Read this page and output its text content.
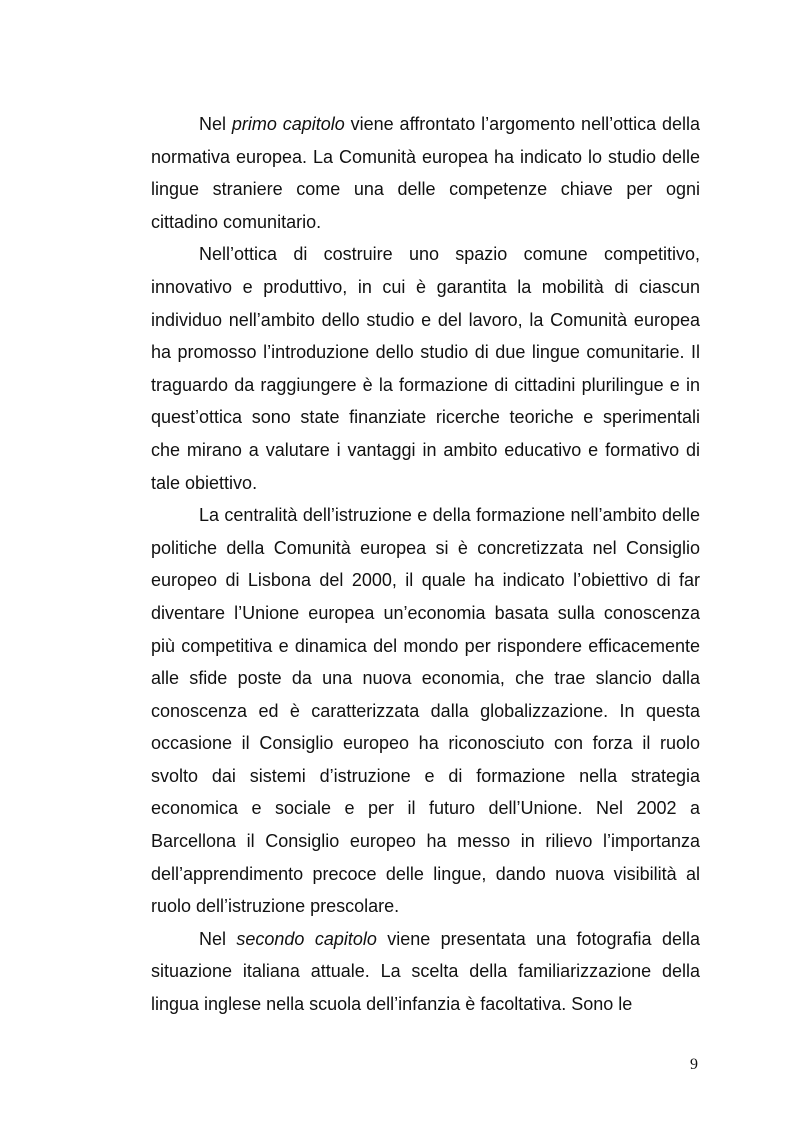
Nel primo capitolo viene affrontato l’argomento nell’ottica della normativa europea. La Comunità europea ha indicato lo studio delle lingue straniere come una delle competenze chiave per ogni cittadino comunitario.

Nell’ottica di costruire uno spazio comune competitivo, innovativo e produttivo, in cui è garantita la mobilità di ciascun individuo nell’ambito dello studio e del lavoro, la Comunità europea ha promosso l’introduzione dello studio di due lingue comunitarie. Il traguardo da raggiungere è la formazione di cittadini plurilingue e in quest’ottica sono state finanziate ricerche teoriche e sperimentali che mirano a valutare i vantaggi in ambito educativo e formativo di tale obiettivo.

La centralità dell’istruzione e della formazione nell’ambito delle politiche della Comunità europea si è concretizzata nel Consiglio europeo di Lisbona del 2000, il quale ha indicato l’obiettivo di far diventare l’Unione europea un’economia basata sulla conoscenza più competitiva e dinamica del mondo per rispondere efficacemente alle sfide poste da una nuova economia, che trae slancio dalla conoscenza ed è caratterizzata dalla globalizzazione. In questa occasione il Consiglio europeo ha riconosciuto con forza il ruolo svolto dai sistemi d’istruzione e di formazione nella strategia economica e sociale e per il futuro dell’Unione. Nel 2002 a Barcellona il Consiglio europeo ha messo in rilievo l’importanza dell’apprendimento precoce delle lingue, dando nuova visibilità al ruolo dell’istruzione prescolare.

Nel secondo capitolo viene presentata una fotografia della situazione italiana attuale. La scelta della familiarizzazione della lingua inglese nella scuola dell’infanzia è facoltativa. Sono le

9
